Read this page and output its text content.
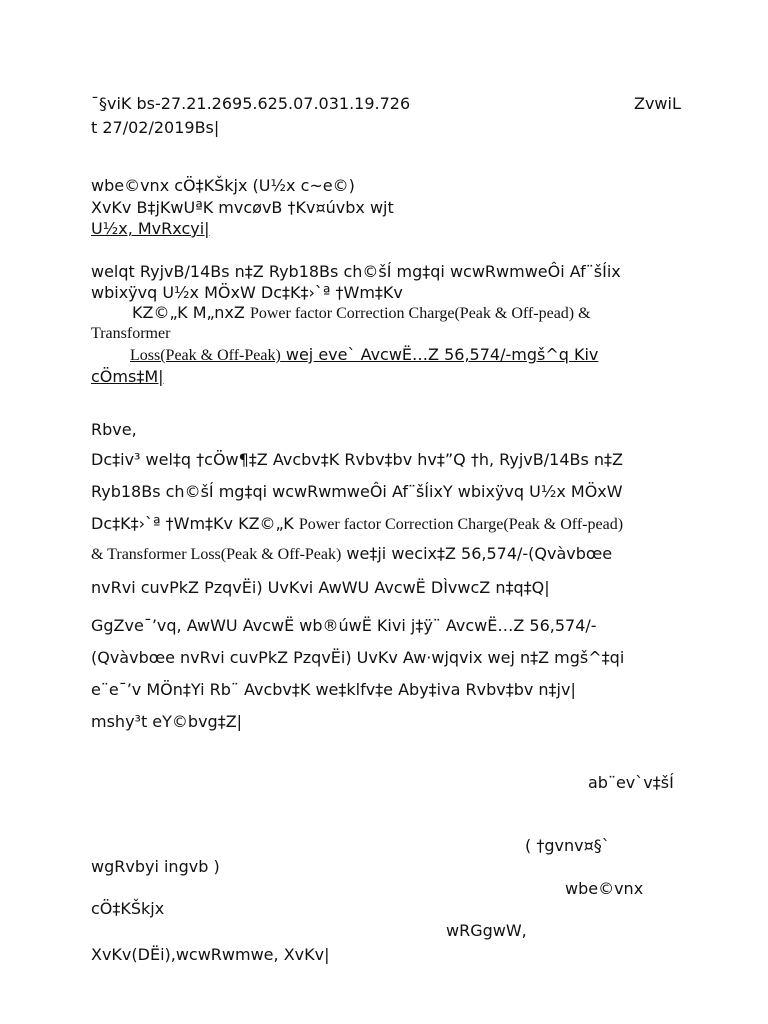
¯§viK bs-27.21.2695.625.07.031.19.726	ZvwiL
t 27/02/2019Bs|
wbe©vnx cÖ‡KŠkjx (U½x c~e©)
XvKv B‡jKwUªK mvcøvB †Kv¤úvbx wjt
U½x, MvRxcyi|
welqt RyjvB/14Bs n‡Z Ryb18Bs ch©šÍ mg‡qi wcwRwmweÔi Af¨šÍix
wbixÿvq U½x MÖxW Dc‡K‡›`ª †Wm‡Kv
KZ©„K M„nxZ Power factor Correction Charge(Peak & Off-pead) &
Transformer
Loss(Peak & Off-Peak) wej eve` AvcwË…Z 56,574/-mgš^q Kiv
cÖms‡M|
Rbve,
Dc‡iv³ wel‡q †cÖw¶‡Z Avcbv‡K Rvbv‡bv hv‡”Q †h, RyjvB/14Bs n‡Z
Ryb18Bs ch©šÍ mg‡qi wcwRwmweÔi Af¨šÍixY wbixÿvq U½x MÖxW
Dc‡K‡›`ª †Wm‡Kv KZ©„K Power factor Correction Charge(Peak & Off-pead)
& Transformer Loss(Peak & Off-Peak) we‡ji wecix‡Z 56,574/-(Qvàvbœe
nvRvi cuvPkZ PzqvËi) UvKvi AwWU AvcwË DÌvwcZ n‡q‡Q|
GgZve¯’vq, AwWU AvcwË wb®úwË Kivi j‡ÿ¨ AvcwË…Z 56,574/-
(Qvàvbœe nvRvi cuvPkZ PzqvËi) UvKv Aw·wjqvix wej n‡Z mgš^‡qi
e¨e¯’v MÖn‡Yi Rb¨ Avcbv‡K we‡klfv‡e Aby‡iva Rvbv‡bv n‡jv|
mshy³t eY©bvg‡Z|
ab¨ev`v‡šÍ
( †gvnv¤§`
wgRvbyi ingvb )
wbe©vnx
cÖ‡KŠkjx
wRGgwW,
XvKv(DËi),wcwRwmwe, XvKv|
